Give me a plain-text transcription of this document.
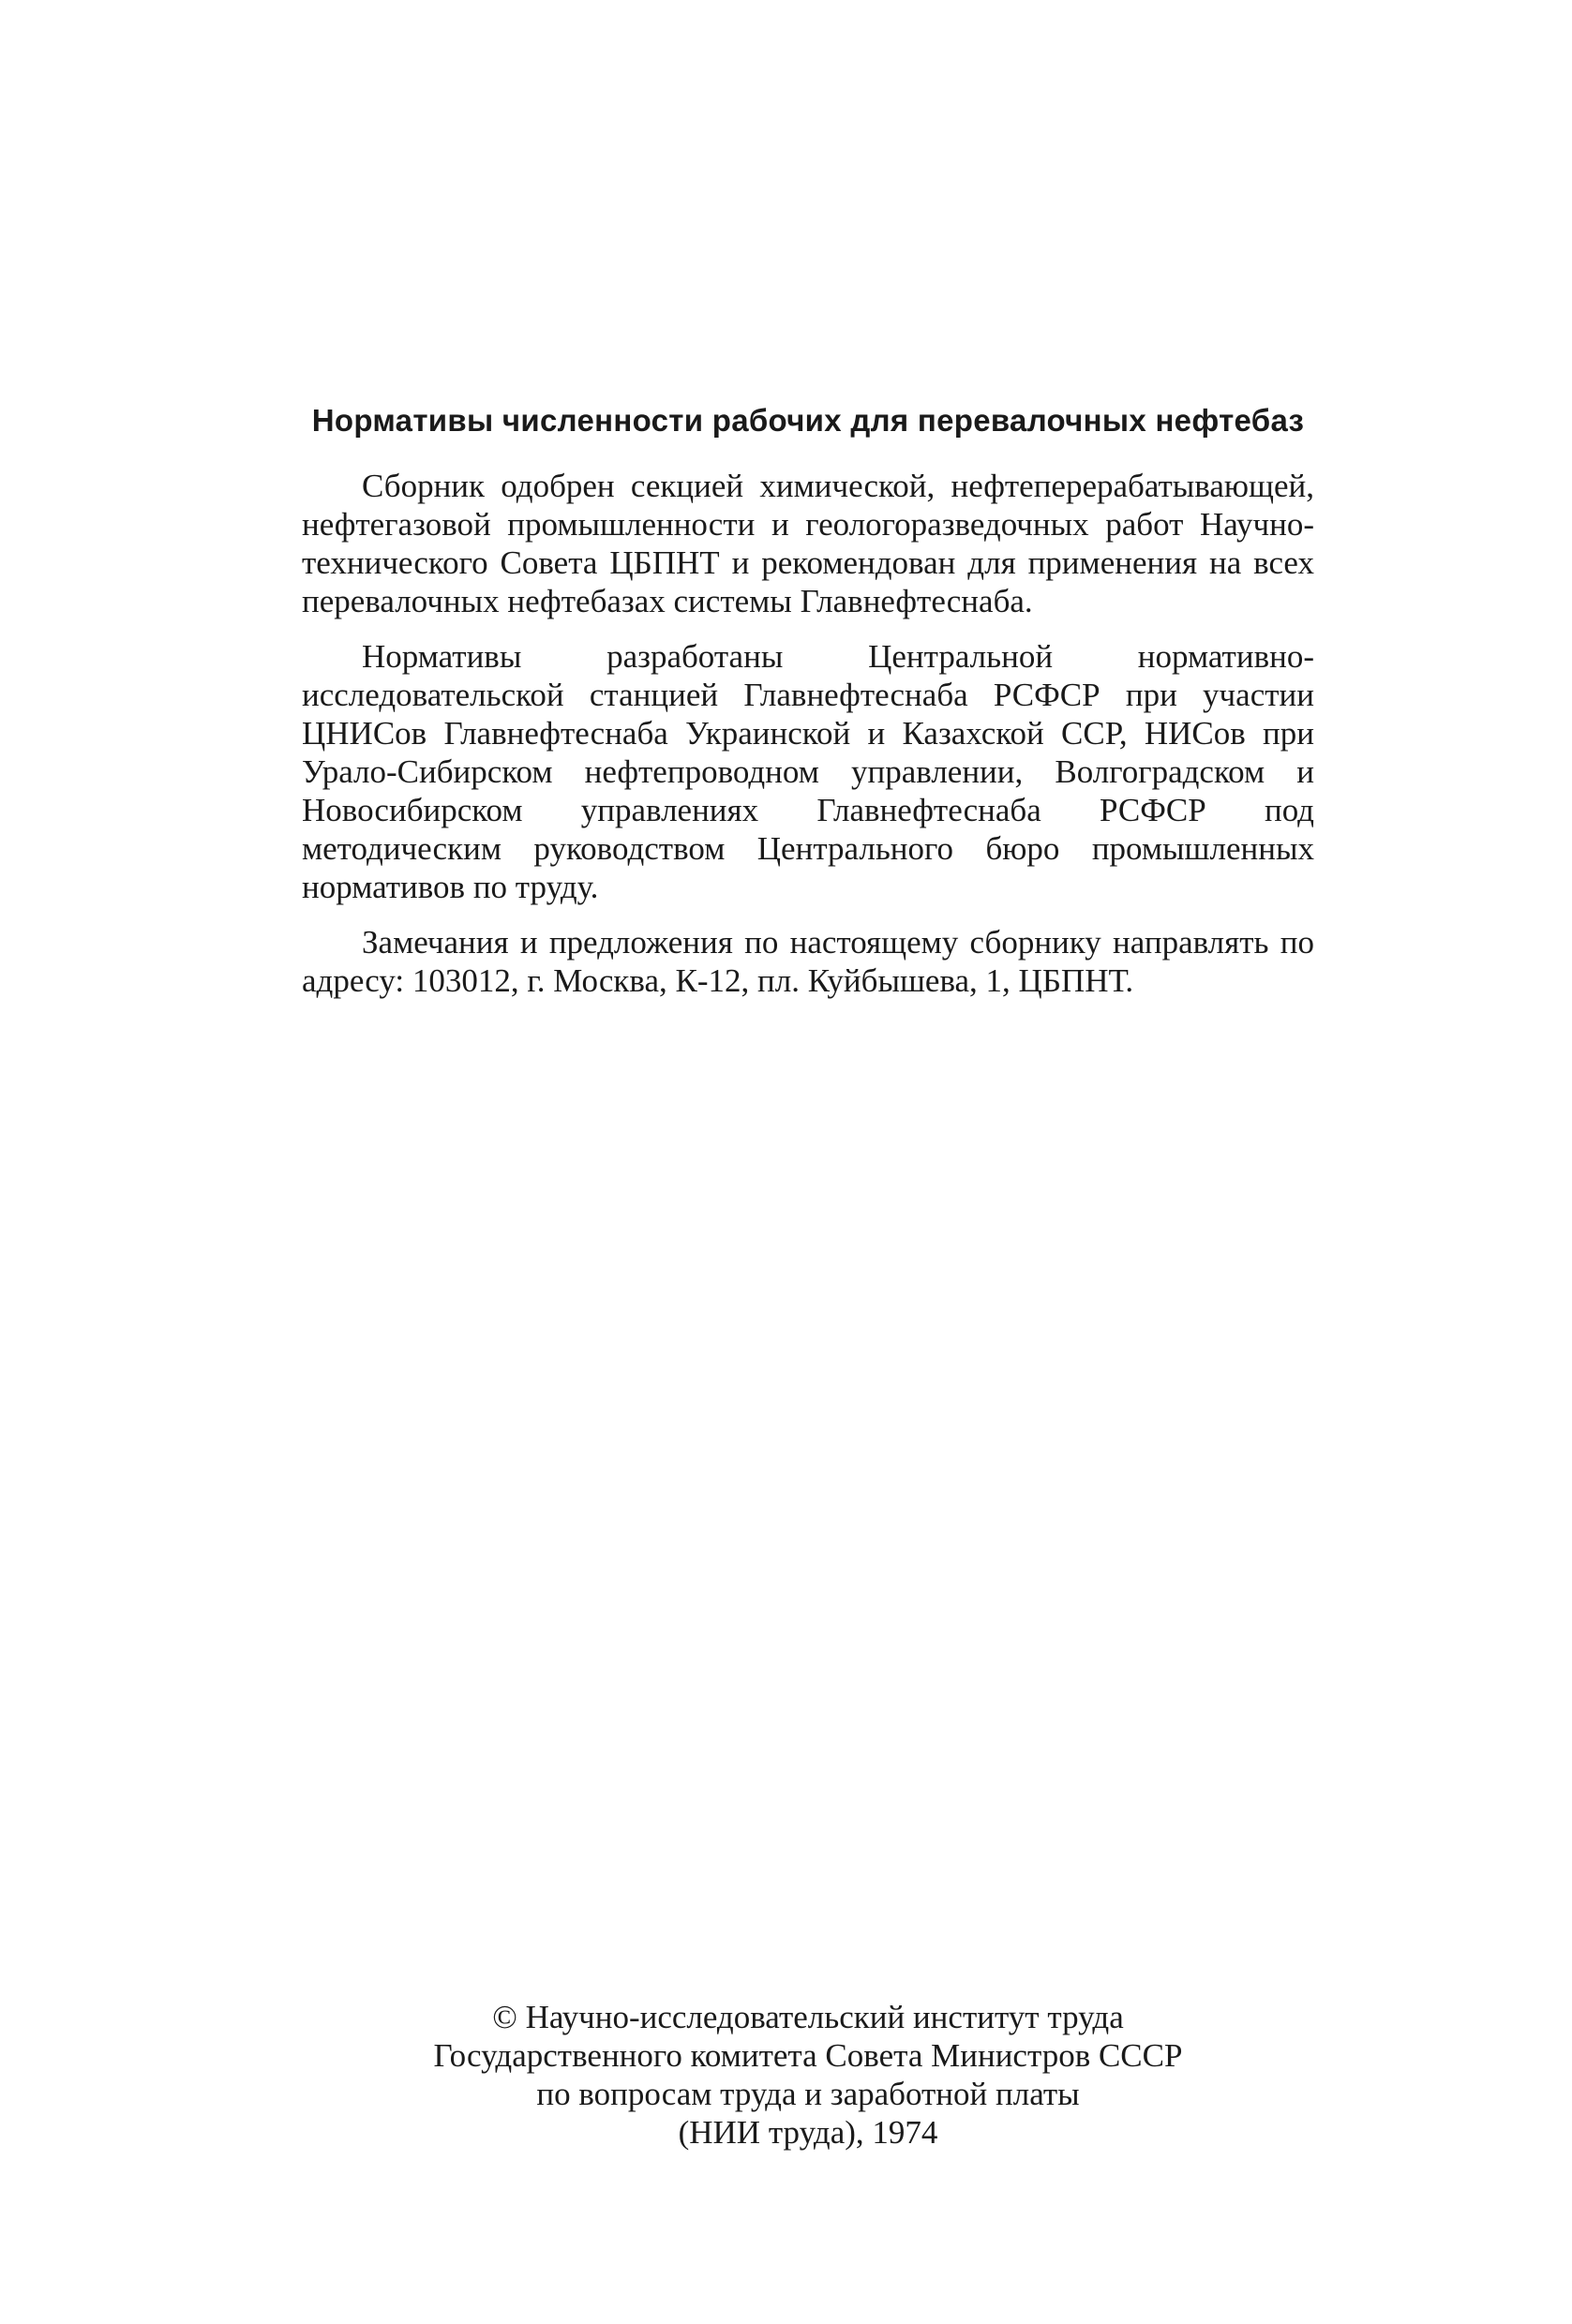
Нормативы численности рабочих для перевалочных нефтебаз

Сборник одобрен секцией химической, нефтеперерабатывающей, нефтегазовой промышленности и геологоразведочных работ Научно-технического Совета ЦБПНТ и рекомендован для применения на всех перевалочных нефтебазах системы Главнефтеснаба.

Нормативы разработаны Центральной нормативно-исследовательской станцией Главнефтеснаба РСФСР при участии ЦНИСов Главнефтеснаба Украинской и Казахской ССР, НИСов при Урало-Сибирском нефтепроводном управлении, Волгоградском и Новосибирском управлениях Главнефтеснаба РСФСР под методическим руководством Центрального бюро промышленных нормативов по труду.

Замечания и предложения по настоящему сборнику направлять по адресу: 103012, г. Москва, К-12, пл. Куйбышева, 1, ЦБПНТ.

© Научно-исследовательский институт труда
Государственного комитета Совета Министров СССР
по вопросам труда и заработной платы
(НИИ труда), 1974
